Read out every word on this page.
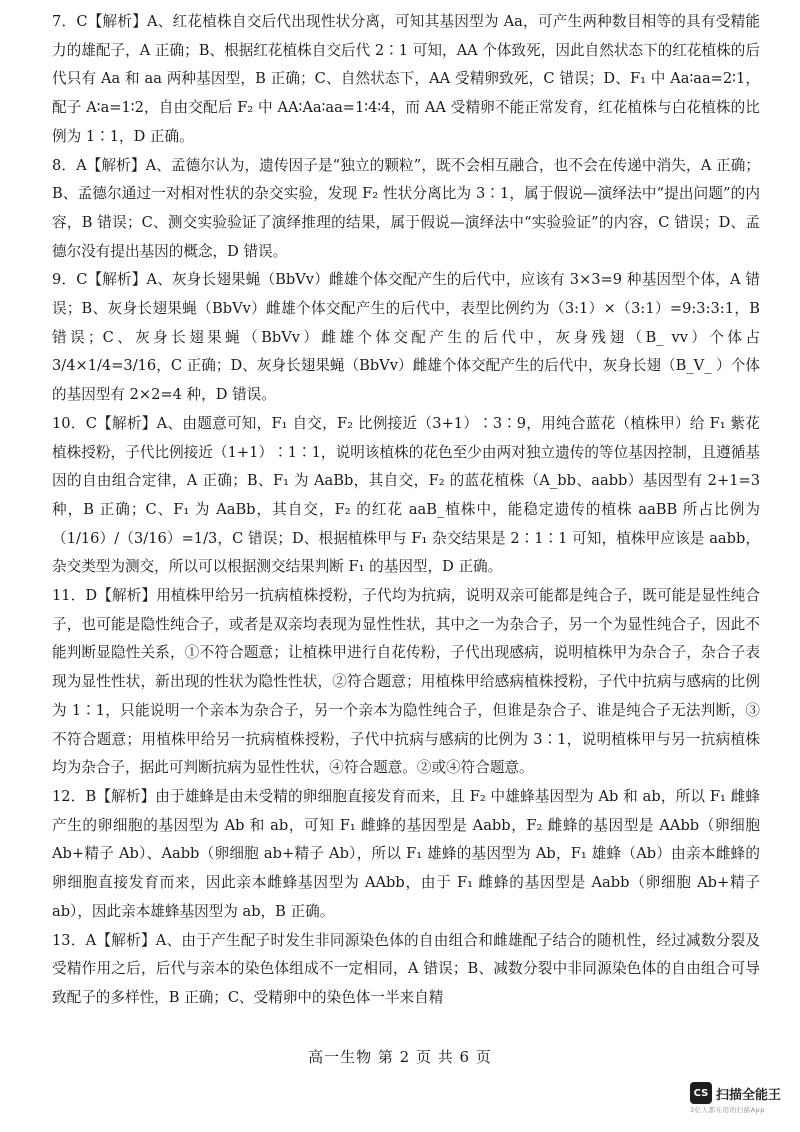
7．C【解析】A、红花植株自交后代出现性状分离，可知其基因型为 Aa，可产生两种数目相等的具有受精能力的雄配子，A 正确；B、根据红花植株自交后代 2∶1 可知，AA 个体致死，因此自然状态下的红花植株的后代只有 Aa 和 aa 两种基因型，B 正确；C、自然状态下，AA 受精卵致死，C 错误；D、F₁ 中 Aa∶aa=2∶1，配子 A∶a=1∶2，自由交配后 F₂ 中 AA∶Aa∶aa=1∶4∶4，而 AA 受精卵不能正常发育，红花植株与白花植株的比例为 1∶1，D 正确。

8．A【解析】A、孟德尔认为，遗传因子是“独立的颗粒”，既不会相互融合，也不会在传递中消失，A 正确；B、孟德尔通过一对相对性状的杂交实验，发现 F₂ 性状分离比为 3∶1，属于假说—演绎法中“提出问题”的内容，B 错误；C、测交实验验证了演绎推理的结果，属于假说—演绎法中“实验验证”的内容，C 错误；D、孟德尔没有提出基因的概念，D 错误。

9．C【解析】A、灰身长翅果蝇（BbVv）雌雄个体交配产生的后代中，应该有 3×3=9 种基因型个体，A 错误；B、灰身长翅果蝇（BbVv）雌雄个体交配产生的后代中，表型比例约为（3:1）×（3:1）=9:3:3:1，B 错误；C、灰身长翅果蝇（BbVv）雌雄个体交配产生的后代中，灰身残翅（B_ vv）个体占 3/4×1/4=3/16，C 正确；D、灰身长翅果蝇（BbVv）雌雄个体交配产生的后代中，灰身长翅（B_V_ ）个体的基因型有 2×2=4 种，D 错误。

10．C【解析】A、由题意可知，F₁ 自交，F₂ 比例接近（3+1）∶3∶9，用纯合蓝花（植株甲）给 F₁ 紫花植株授粉，子代比例接近（1+1）∶1∶1，说明该植株的花色至少由两对独立遗传的等位基因控制，且遵循基因的自由组合定律，A 正确；B、F₁ 为 AaBb，其自交，F₂ 的蓝花植株（A_bb、aabb）基因型有 2+1=3 种，B 正确；C、F₁ 为 AaBb，其自交，F₂ 的红花 aaB_植株中，能稳定遗传的植株 aaBB 所占比例为（1/16）/（3/16）=1/3，C 错误；D、根据植株甲与 F₁ 杂交结果是 2∶1∶1 可知，植株甲应该是 aabb，杂交类型为测交，所以可以根据测交结果判断 F₁ 的基因型，D 正确。

11．D【解析】用植株甲给另一抗病植株授粉，子代均为抗病，说明双亲可能都是纯合子，既可能是显性纯合子，也可能是隐性纯合子，或者是双亲均表现为显性性状，其中之一为杂合子，另一个为显性纯合子，因此不能判断显隐性关系，①不符合题意；让植株甲进行自花传粉，子代出现感病，说明植株甲为杂合子，杂合子表现为显性性状，新出现的性状为隐性性状，②符合题意；用植株甲给感病植株授粉，子代中抗病与感病的比例为 1∶1，只能说明一个亲本为杂合子，另一个亲本为隐性纯合子，但谁是杂合子、谁是纯合子无法判断，③不符合题意；用植株甲给另一抗病植株授粉，子代中抗病与感病的比例为 3∶1，说明植株甲与另一抗病植株均为杂合子，据此可判断抗病为显性性状，④符合题意。②或④符合题意。

12．B【解析】由于雄蜂是由未受精的卵细胞直接发育而来，且 F₂ 中雄蜂基因型为 Ab 和 ab，所以 F₁ 雌蜂产生的卵细胞的基因型为 Ab 和 ab，可知 F₁ 雌蜂的基因型是 Aabb，F₂ 雌蜂的基因型是 AAbb（卵细胞 Ab+精子 Ab）、Aabb（卵细胞 ab+精子 Ab），所以 F₁ 雄蜂的基因型为 Ab，F₁ 雄蜂（Ab）由亲本雌蜂的卵细胞直接发育而来，因此亲本雌蜂基因型为 AAbb，由于 F₁ 雌蜂的基因型是 Aabb（卵细胞 Ab+精子 ab），因此亲本雄蜂基因型为 ab，B 正确。

13．A【解析】A、由于产生配子时发生非同源染色体的自由组合和雌雄配子结合的随机性，经过减数分裂及受精作用之后，后代与亲本的染色体组成不一定相同，A 错误；B、减数分裂中非同源染色体的自由组合可导致配子的多样性，B 正确；C、受精卵中的染色体一半来自精

高一生物 第 2 页 共 6 页
CS 扫描全能王
3亿人都在用的扫描App
